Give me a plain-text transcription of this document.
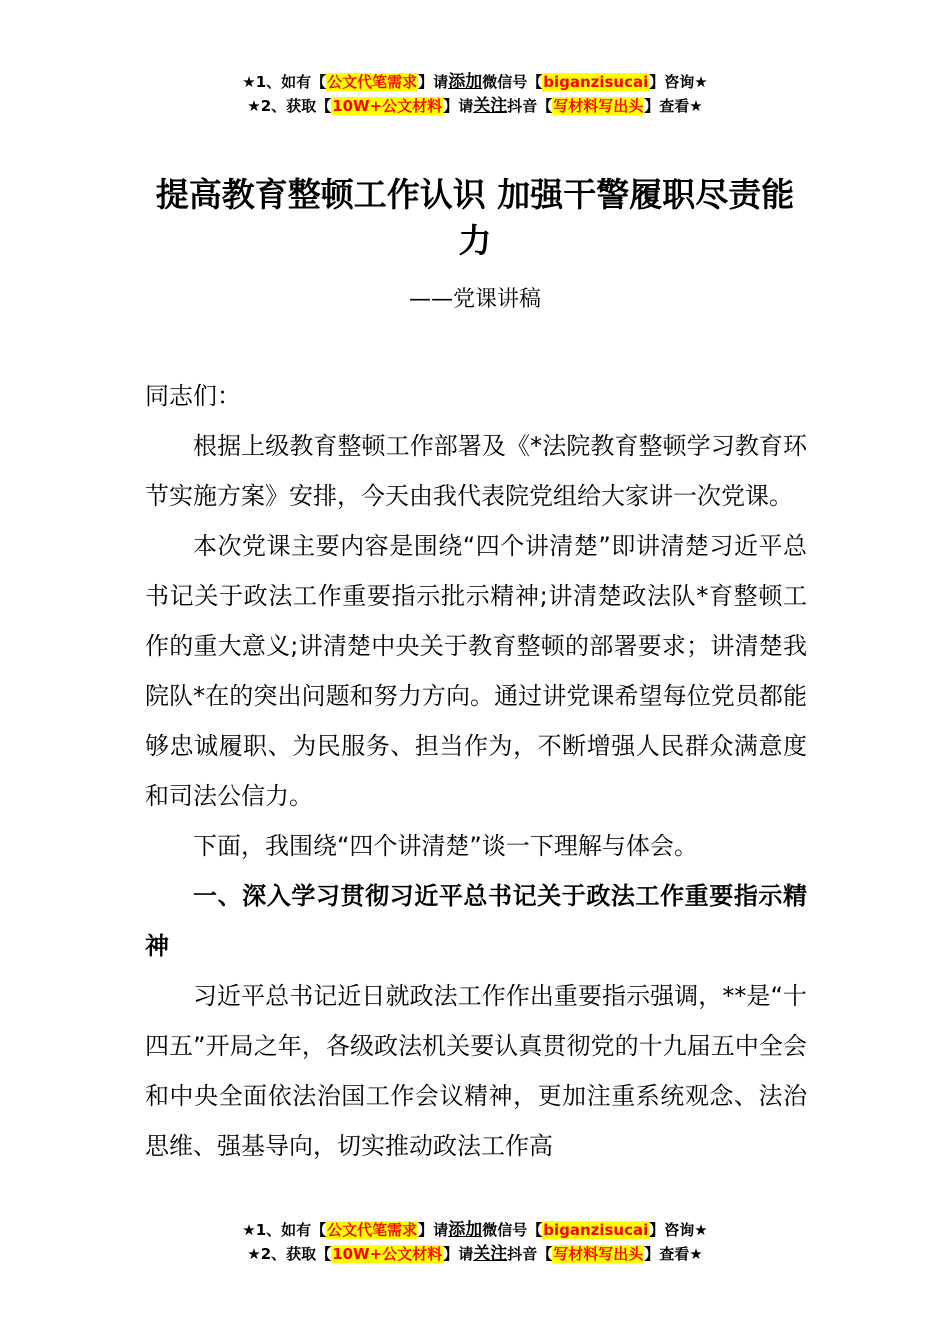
★1、如有【公文代笔需求】请添加微信号【biganzisucai】咨询★
★2、获取【10W+公文材料】请关注抖音【写材料写出头】查看★
提高教育整顿工作认识 加强干警履职尽责能力
——党课讲稿

同志们：

根据上级教育整顿工作部署及《*法院教育整顿学习教育环节实施方案》安排，今天由我代表院党组给大家讲一次党课。

本次党课主要内容是围绕“四个讲清楚”即讲清楚习近平总书记关于政法工作重要指示批示精神;讲清楚政法队*育整顿工作的重大意义;讲清楚中央关于教育整顿的部署要求；讲清楚我院队*在的突出问题和努力方向。通过讲党课希望每位党员都能够忠诚履职、为民服务、担当作为，不断增强人民群众满意度和司法公信力。

下面，我围绕“四个讲清楚”谈一下理解与体会。

一、深入学习贯彻习近平总书记关于政法工作重要指示精神

习近平总书记近日就政法工作作出重要指示强调，**是“十四五”开局之年，各级政法机关要认真贯彻党的十九届五中全会和中央全面依法治国工作会议精神，更加注重系统观念、法治思维、强基导向，切实推动政法工作高

★1、如有【公文代笔需求】请添加微信号【biganzisucai】咨询★
★2、获取【10W+公文材料】请关注抖音【写材料写出头】查看★
